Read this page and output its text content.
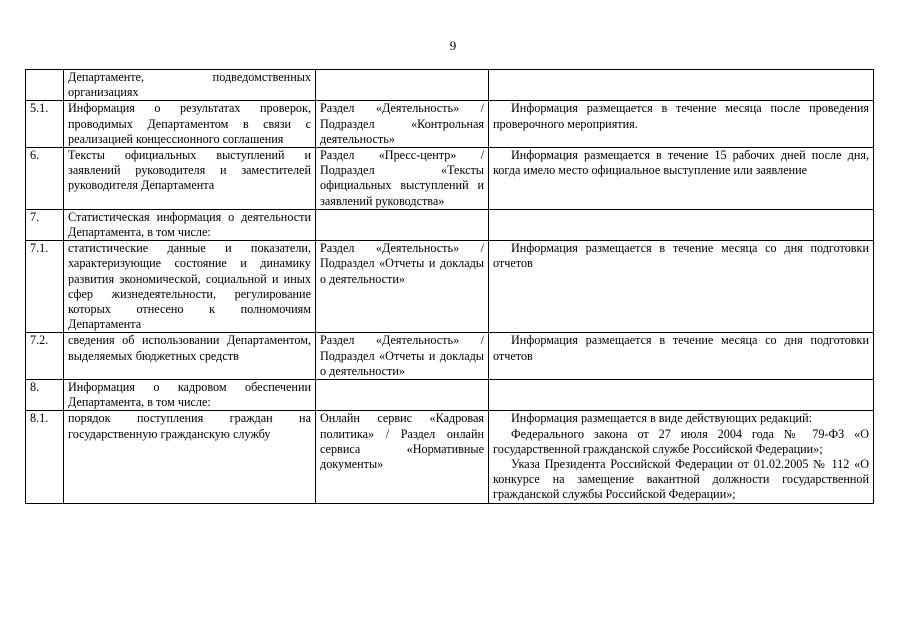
9
	Департаменте, подведомственных организациях		
5.1.	Информация о результатах проверок, проводимых Департаментом в связи с реализацией концессионного соглашения	Раздел «Деятельность» / Подраздел «Контрольная деятельность»	Информация размещается в течение месяца после проведения проверочного мероприятия.

6.	Тексты официальных выступлений и заявлений руководителя и заместителей руководителя Департамента	Раздел «Пресс-центр» / Подраздел «Тексты официальных выступлений и заявлений руководства»	Информация размещается в течение 15 рабочих дней после дня, когда имело место официальное выступление или заявление

7.	Статистическая информация о деятельности Департамента, в том числе:		
7.1.	статистические данные и показатели, характеризующие состояние и динамику развития экономической, социальной и иных сфер жизнедеятельности, регулирование которых отнесено к полномочиям Департамента	Раздел «Деятельность» / Подраздел «Отчеты и доклады о деятельности»	Информация размещается в течение месяца со дня подготовки отчетов

7.2.	сведения об использовании Департаментом, выделяемых бюджетных средств	Раздел «Деятельность» / Подраздел «Отчеты и доклады о деятельности»	Информация размещается в течение месяца со дня подготовки отчетов

8.	Информация о кадровом обеспечении Департамента, в том числе:		
8.1.	порядок поступления граждан на государственную гражданскую службу	Онлайн сервис «Кадровая политика» / Раздел онлайн сервиса «Нормативные документы»	Информация размещается в виде действующих редакций:

Федерального закона от 27 июля 2004 года № 79-ФЗ «О государственной гражданской службе Российской Федерации»;

Указа Президента Российской Федерации от 01.02.2005 № 112 «О конкурсе на замещение вакантной должности государственной гражданской службы Российской Федерации»;
